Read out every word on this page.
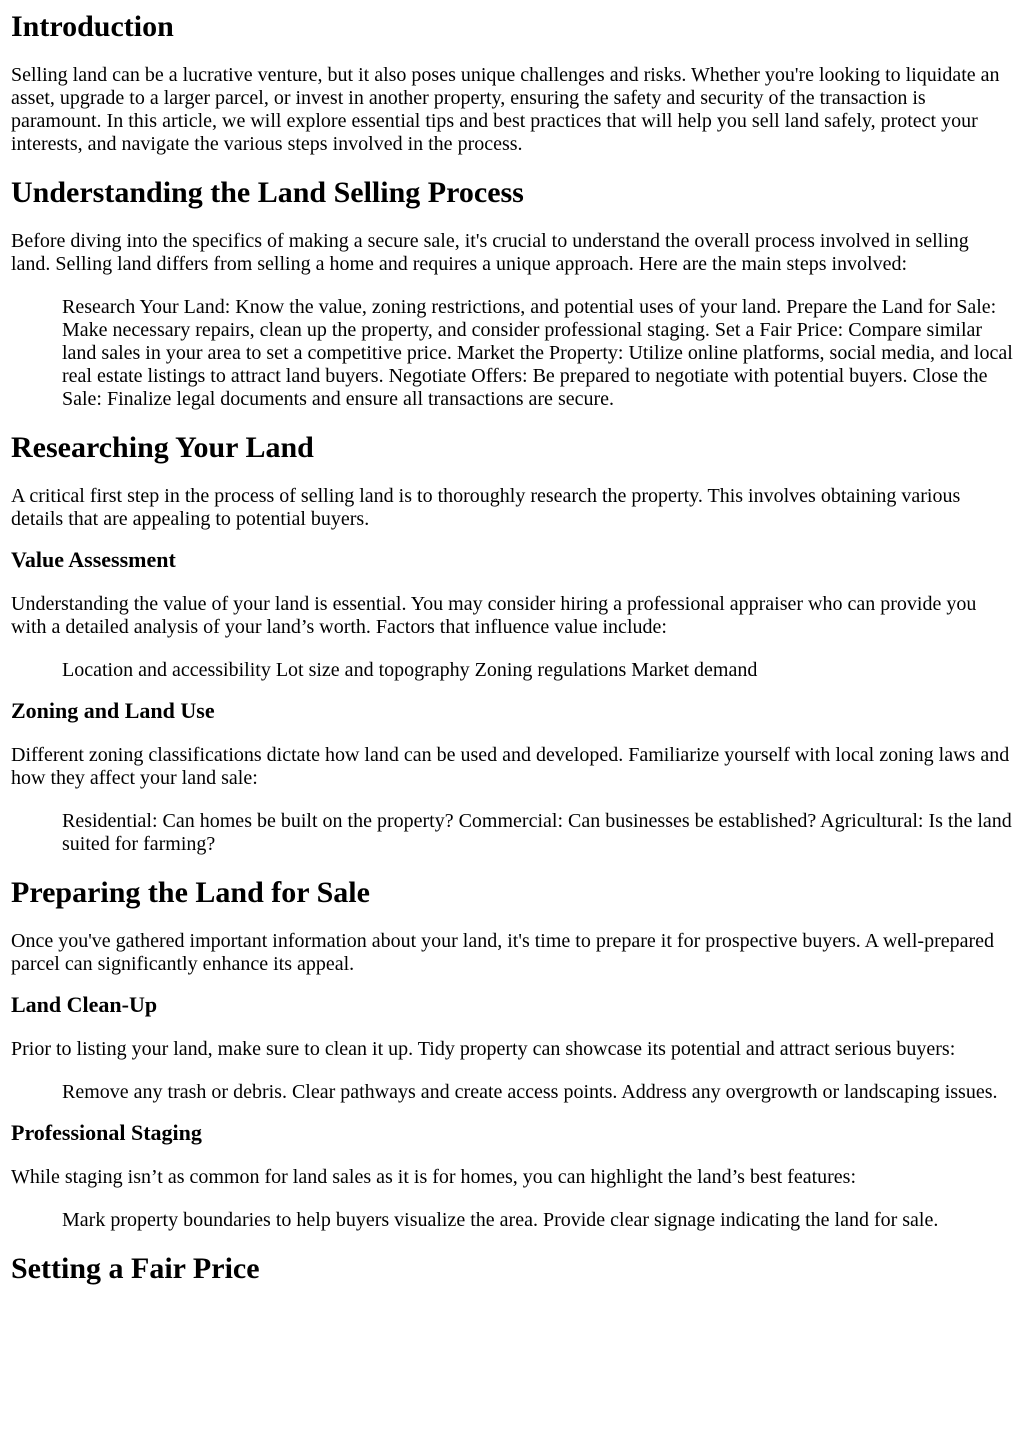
Introduction

Selling land can be a lucrative venture, but it also poses unique challenges and risks. Whether you're looking to liquidate an asset, upgrade to a larger parcel, or invest in another property, ensuring the safety and security of the transaction is paramount. In this article, we will explore essential tips and best practices that will help you sell land safely, protect your interests, and navigate the various steps involved in the process.

Understanding the Land Selling Process

Before diving into the specifics of making a secure sale, it's crucial to understand the overall process involved in selling land. Selling land differs from selling a home and requires a unique approach. Here are the main steps involved:

Research Your Land: Know the value, zoning restrictions, and potential uses of your land. Prepare the Land for Sale: Make necessary repairs, clean up the property, and consider professional staging. Set a Fair Price: Compare similar land sales in your area to set a competitive price. Market the Property: Utilize online platforms, social media, and local real estate listings to attract land buyers. Negotiate Offers: Be prepared to negotiate with potential buyers. Close the Sale: Finalize legal documents and ensure all transactions are secure.
Researching Your Land

A critical first step in the process of selling land is to thoroughly research the property. This involves obtaining various details that are appealing to potential buyers.

Value Assessment

Understanding the value of your land is essential. You may consider hiring a professional appraiser who can provide you with a detailed analysis of your land’s worth. Factors that influence value include:

Location and accessibility Lot size and topography Zoning regulations Market demand
Zoning and Land Use

Different zoning classifications dictate how land can be used and developed. Familiarize yourself with local zoning laws and how they affect your land sale:

Residential: Can homes be built on the property? Commercial: Can businesses be established? Agricultural: Is the land suited for farming?
Preparing the Land for Sale

Once you've gathered important information about your land, it's time to prepare it for prospective buyers. A well-prepared parcel can significantly enhance its appeal.

Land Clean-Up

Prior to listing your land, make sure to clean it up. Tidy property can showcase its potential and attract serious buyers:

Remove any trash or debris. Clear pathways and create access points. Address any overgrowth or landscaping issues.
Professional Staging

While staging isn’t as common for land sales as it is for homes, you can highlight the land’s best features:

Mark property boundaries to help buyers visualize the area. Provide clear signage indicating the land for sale.
Setting a Fair Price
